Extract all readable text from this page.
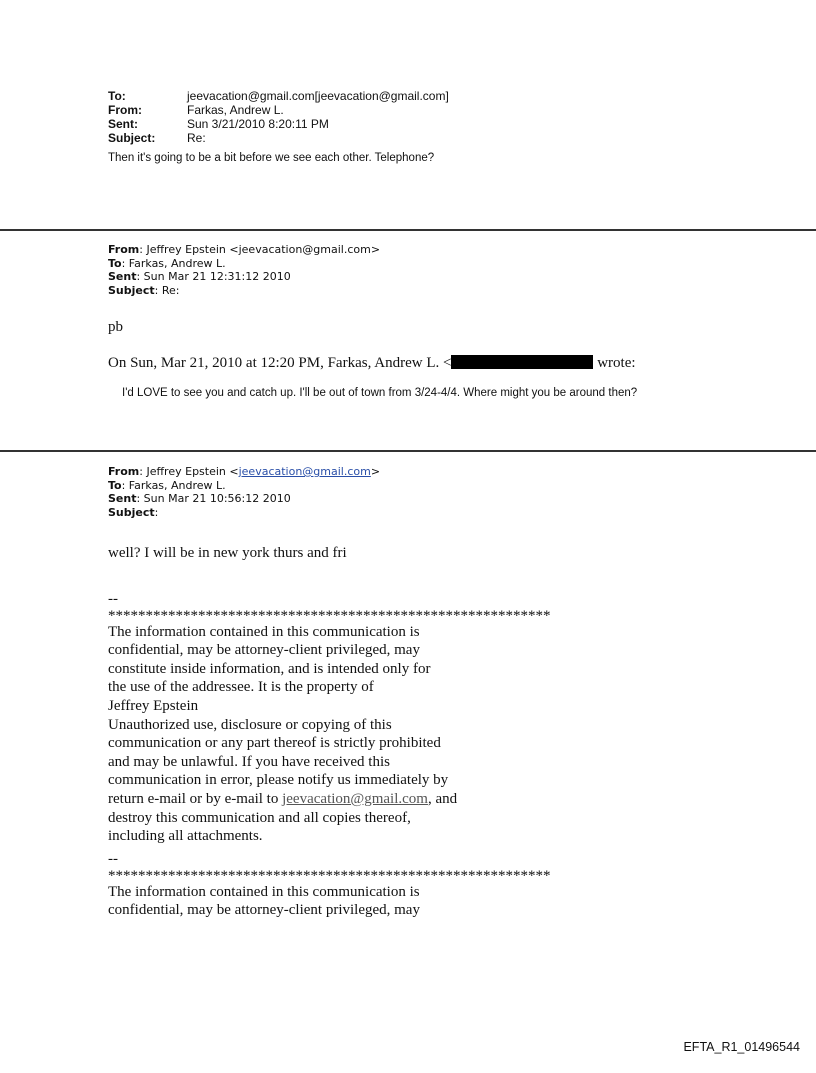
To:	jeevacation@gmail.com[jeevacation@gmail.com]
From:	Farkas, Andrew L.
Sent:	Sun 3/21/2010 8:20:11 PM
Subject:	Re:
Then it's going to be a bit before we see each other. Telephone?
From: Jeffrey Epstein <jeevacation@gmail.com>
To: Farkas, Andrew L.
Sent: Sun Mar 21 12:31:12 2010
Subject: Re:
pb
On Sun, Mar 21, 2010 at 12:20 PM, Farkas, Andrew L. <	wrote:
I'd LOVE to see you and catch up. I'll be out of town from 3/24-4/4. Where might you be around then?
From: Jeffrey Epstein <jeevacation@gmail.com>
To: Farkas, Andrew L.
Sent: Sun Mar 21 10:56:12 2010
Subject:
well? I will be in new york thurs and fri
--
***********************************************************
The information contained in this communication is
confidential, may be attorney-client privileged, may
constitute inside information, and is intended only for
the use of the addressee. It is the property of
Jeffrey Epstein
Unauthorized use, disclosure or copying of this
communication or any part thereof is strictly prohibited
and may be unlawful. If you have received this
communication in error, please notify us immediately by
return e-mail or by e-mail to jeevacation@gmail.com, and
destroy this communication and all copies thereof,
including all attachments.
--
***********************************************************
The information contained in this communication is
confidential, may be attorney-client privileged, may
EFTA_R1_01496544
